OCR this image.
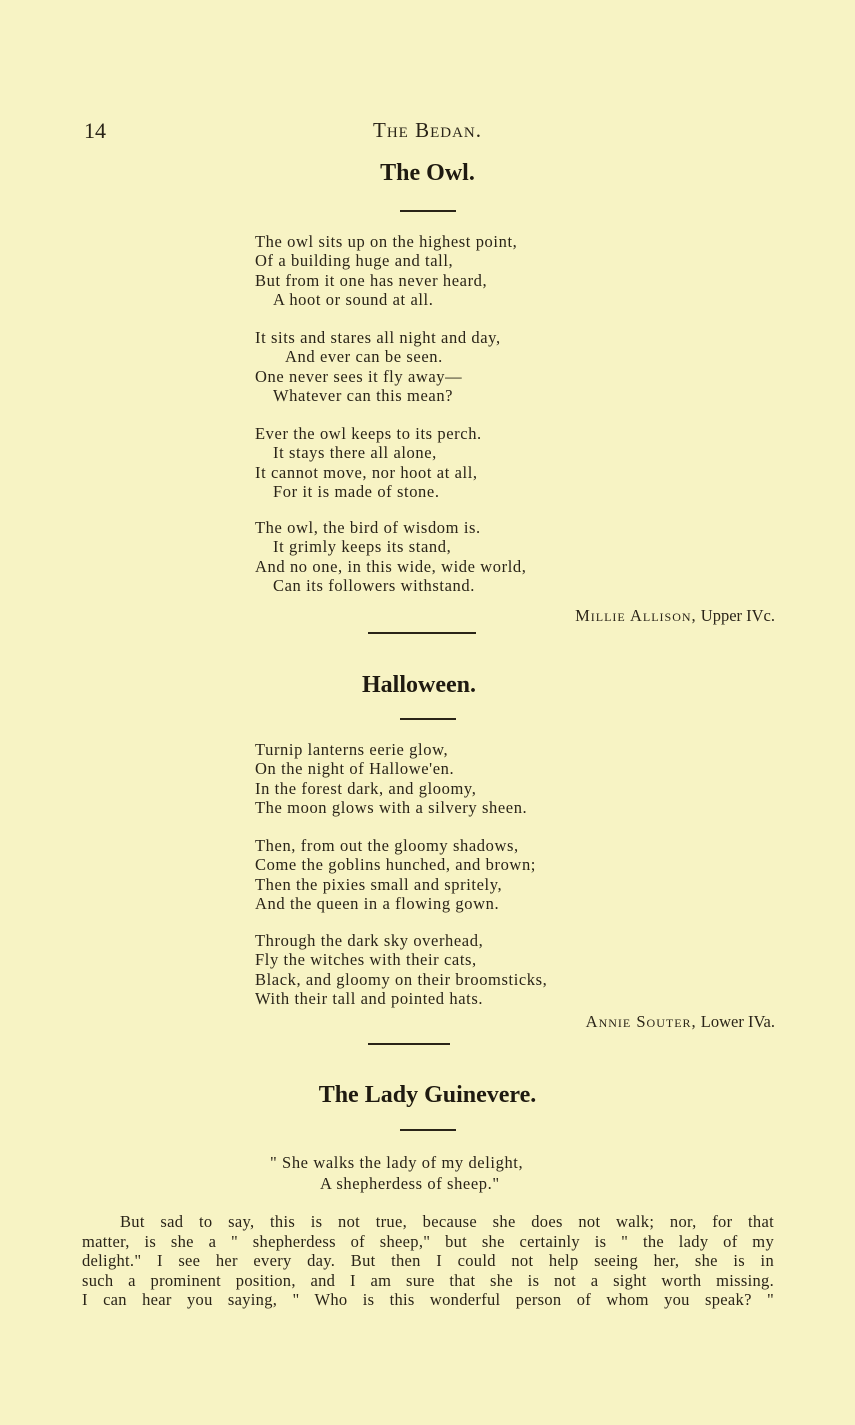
14	The Bedan.
The Owl.
The owl sits up on the highest point,
Of a building huge and tall,
But from it one has never heard,
A hoot or sound at all.
It sits and stares all night and day,
And ever can be seen.
One never sees it fly away—
Whatever can this mean?
Ever the owl keeps to its perch.
It stays there all alone,
It cannot move, nor hoot at all,
For it is made of stone.
The owl, the bird of wisdom is.
It grimly keeps its stand,
And no one, in this wide, wide world,
Can its followers withstand.
Millie Allison, Upper IVc.
Halloween.
Turnip lanterns eerie glow,
On the night of Hallowe'en.
In the forest dark, and gloomy,
The moon glows with a silvery sheen.
Then, from out the gloomy shadows,
Come the goblins hunched, and brown;
Then the pixies small and spritely,
And the queen in a flowing gown.
Through the dark sky overhead,
Fly the witches with their cats,
Black, and gloomy on their broomsticks,
With their tall and pointed hats.
Annie Souter, Lower IVa.
The Lady Guinevere.
" She walks the lady of my delight,
A shepherdess of sheep."
But sad to say, this is not true, because she does not walk; nor, for that
matter, is she a " shepherdess of sheep," but she certainly is " the lady of my
delight." I see her every day. But then I could not help seeing her, she is in
such a prominent position, and I am sure that she is not a sight worth missing.
I can hear you saying, " Who is this wonderful person of whom you speak? "
